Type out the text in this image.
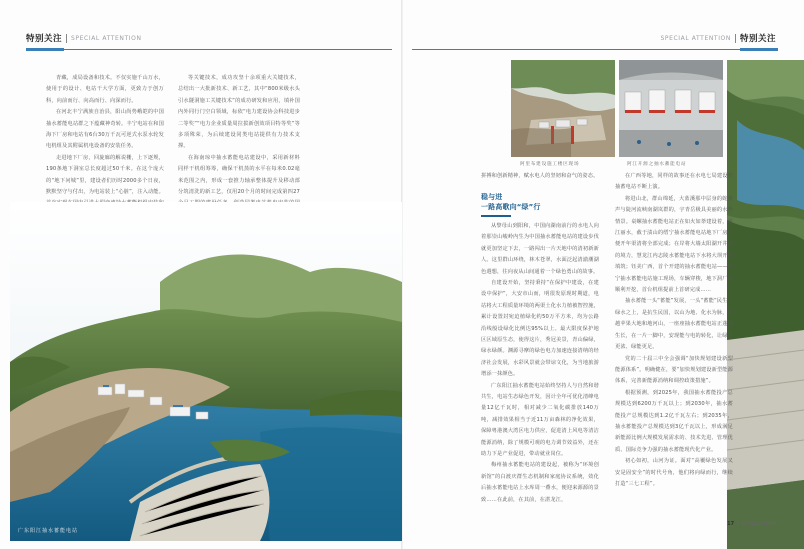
特别关注 SPECIAL ATTENTION	SPECIAL ATTENTION 特别关注

青藏，成局设备和技术。不仅实施千山万水，使用于的设计、电站干大学方面，更致力于创万科，向前而行、向高而行、向深而行。

在河北丰宁满族自治县，阳山尚势峨皑的中国抽水蓄能电站群之下蕴藏神奇转。丰宁电站在和国海下厂房和电站有6台30万千瓦可逆式水泵水轮发电机组及其附属机电设备的安装任务。

走进地下厂房，回旋廊的解说栅，上下逐规，190条地下洞室总长度超过50千米。在这个庞大的“地下问城”里，建设者们历时2000多个日夜，默默坚守与付出，为电站装上“心脏”，注入动能。

等关键技术，成功攻坚十余项重大关键技术，总结出一大批新技术、新工艺，其中“800米级水头引水隧洞施工关键技术”的成功研发和应用，填补国内外同行门空白领域，标依“电力建设协会科技进步二等奖”“电力企业质量周拉拔新创效项目特等奖”等多项殊荣，为后续建设同类电站提供有力技术支撑。

在海南琼中抽水蓄能电站建设中，采用新材料同样干机组筹筹，确保干机蒸的水平在每米0.02毫米范围之内，形成一套推力轴承整体提升及移动部分筑清洗的新工艺，仅用20个月的时间完成第四27

广东阳江抽水蓄能电站
阿里布建设施工楼区现场	阿江开源之抽水蓄能电站

拼搏和创新精神，赋水电人的坚韧和奋气的姿态。

稳与进
一路高歌向“绿”行

从黎母山到阳和，中国向湖南前行的水电人向着那崇山峻岭内生为中国抽水蓄能电站的建设步伐就更加坚定下去，一路闯出一片天地中的清初新新人。这里群山环绕，林木苍翠，水面泛起清澈潮湖色遐想，往向夜从山间通着一个绿色勇山的故事。

自建设开始，坚持秉持“在保护中建设，在建设中保护”，大安市山而，明很发原现时期道，电站将大工程质量环境的两渠土化水力植被智控施，累计设置封宛迫植绿化约50万平方米，均为公路沿线般设绿化比例达95%以上。最大限度保护地区区域原生态，使得这片，秀冠美景，青山偏绿，绿水绿颜。渊源寻摩的绿色电力加速连接清纳的经济社会发展，水彩风景就会带谅文化，为当地旅游增添一抹颜色。

广东阳江抽水蓄能电站始终坚持人与自然和谐共生，电站生态绿色开发，因计全年可优化清峰电量12亿千瓦时，相对减少二氧化碳排放140万吨，减排效果相当于近11万亩森林的净化效果，保障粤港澳大湾区电力供应，促进清上风电等清洁能源消纳，除了规模可观的电力调节效益外，还在助力下是产业促进，带动就业岗位。

梅州抽水蓄能电站的建设起，被称为“环境创新馆”的白渡庆群生态机制和家庭协议系统，效化后抽水蓄能电站上水库周一叠水，便迎来源源的景致……在此前，在其前，在湛龙江，

在广西等地，同样的故事还在水电七局建设的抽蓄电站不断上演。

将进山北，群山绵延，大蓝溪那中层身的蛇腹声与陡河流峡南湖岚群的，宇青岳极具美丽的水秀情景。桌螺抽水蓄能电站正在如火如荼建设着，浙江丽水，截于渍山的缙宁抽水蓄能电站地下厂房引便开年渠清将全部完成；在岸将大墙太阳湖开井超的境力，慧龙江内志陵水蓄能电站下水将大坝开始填筑；钰美广西，首个开建的抽水蓄能电站——南宁抽水蓄能电站施工现场，车辆穿梭，地下洞厂房顺利开挖，首台机组提前上首研完成……

抽水蓄能一头“蓄能”发展，一头“蓄能”民生。绿水之上，是抗生民国，以山为地、化水为脉，穿越苹果大地和地河山，一座座抽水蓄能电站正蓬勃生长，在一片一脚中，安现能与电的转化，让绿意更浓、绿能更足。

党的二十届三中全会强调“加快规划建设新型能源体系”。明确健在，要“加快规划建设新型能源体系，完善新能源消纳和调控政策措施”。

根据预测，到2025年，我国抽水蓄能投产总规模达到6200万千瓦以上；到2030年，抽水蓄能投产总规模达到1.2亿千瓦左右；到2035年，抽水蓄能投产总规模达到3亿千瓦以上，形成满足新能源比例大规模发展需求的、技术先进、管理优质、国际竞争力强的抽水蓄能现代化产业。

初心如初，山河为证。面对“高覆绿色发展又安是固安全”的时代号角，他们将向绿而行，继续打造“三七工程”。

17 | POWERCHINA
